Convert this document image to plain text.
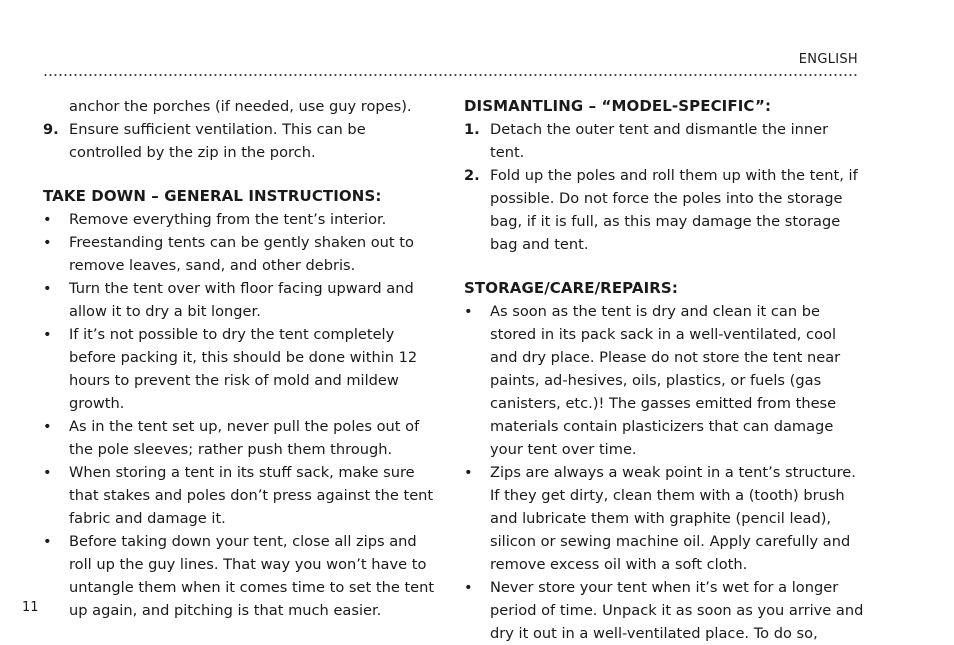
ENGLISH
anchor the porches (if needed, use guy ropes).
9. Ensure sufficient ventilation. This can be controlled by the zip in the porch.
TAKE DOWN – GENERAL INSTRUCTIONS:
•	Remove everything from the tent’s interior.
•	Freestanding tents can be gently shaken out to remove leaves, sand, and other debris.
•	Turn the tent over with floor facing upward and allow it to dry a bit longer.
•	If it’s not possible to dry the tent completely before packing it, this should be done within 12 hours to prevent the risk of mold and mildew growth.
•	As in the tent set up, never pull the poles out of the pole sleeves; rather push them through.
•	When storing a tent in its stuff sack, make sure that stakes and poles don’t press against the tent fabric and damage it.
•	Before taking down your tent, close all zips and roll up the guy lines. That way you won’t have to untangle them when it comes time to set the tent up again, and pitching is that much easier.
DISMANTLING – “MODEL-SPECIFIC”:
1. Detach the outer tent and dismantle the inner tent.
2. Fold up the poles and roll them up with the tent, if possible. Do not force the poles into the storage bag, if it is full, as this may damage the storage bag and tent.
STORAGE/CARE/REPAIRS:
•	As soon as the tent is dry and clean it can be stored in its pack sack in a well-ventilated, cool and dry place. Please do not store the tent near paints, ad-hesives, oils, plastics, or fuels (gas canisters, etc.)! The gasses emitted from these materials contain plasticizers that can damage your tent over time.
•	Zips are always a weak point in a tent’s structure. If they get dirty, clean them with a (tooth) brush and lubricate them with graphite (pencil lead), silicon or sewing machine oil. Apply carefully and remove excess oil with a soft cloth.
•	Never store your tent when it’s wet for a longer period of time. Unpack it as soon as you arrive and dry it out in a well-ventilated place. To do so,
11
